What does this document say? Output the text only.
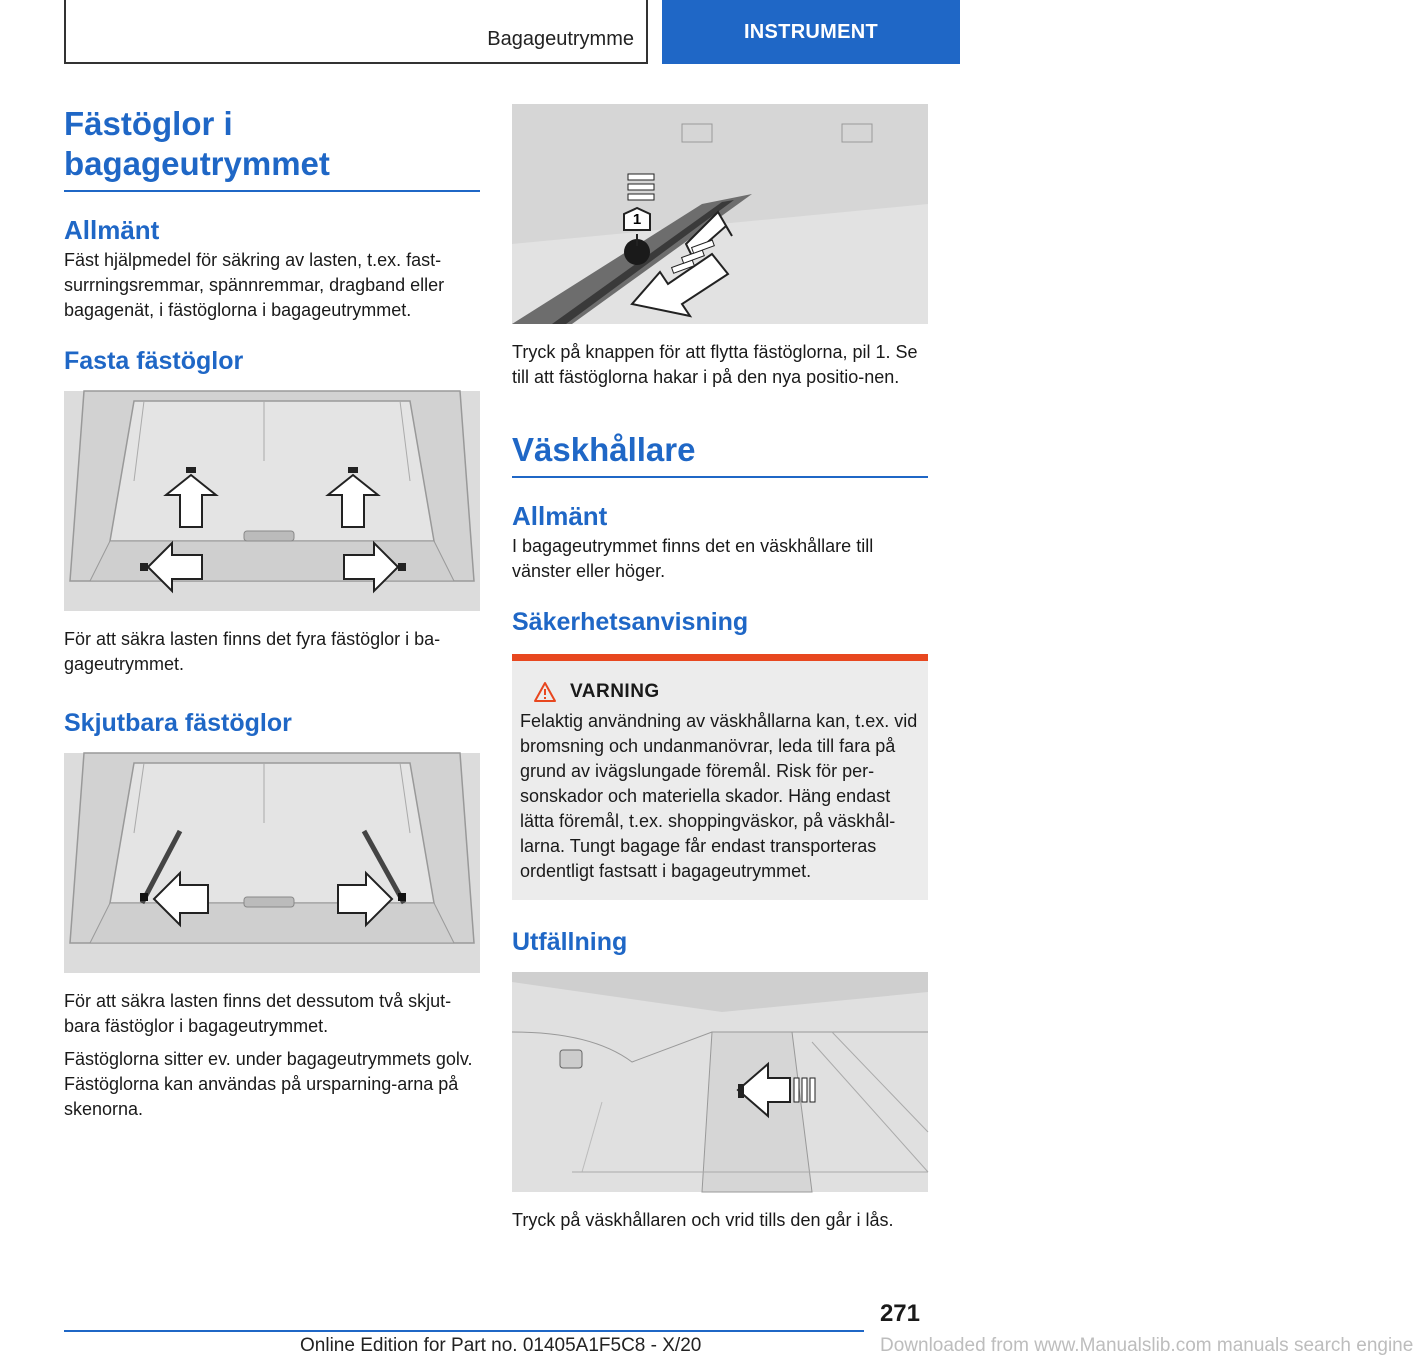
Bagageutrymme	INSTRUMENT
Fästöglor i bagageutrymmet
Allmänt

Fäst hjälpmedel för säkring av lasten, t.ex. fast-surrningsremmar, spännremmar, dragband eller bagagenät, i fästöglorna i bagageutrymmet.

Fasta fästöglor

För att säkra lasten finns det fyra fästöglor i ba-gageutrymmet.

Skjutbara fästöglor

För att säkra lasten finns det dessutom två skjut-bara fästöglor i bagageutrymmet.

Fästöglorna sitter ev. under bagageutrymmets golv. Fästöglorna kan användas på ursparning-arna på skenorna.

1

Tryck på knappen för att flytta fästöglorna, pil 1. Se till att fästöglorna hakar i på den nya positio-nen.

Väskhållare
Allmänt

I bagageutrymmet finns det en väskhållare till vänster eller höger.

Säkerhetsanvisning
VARNING

Felaktig användning av väskhållarna kan, t.ex. vid bromsning och undanmanövrar, leda till fara på grund av ivägslungade föremål. Risk för per-sonskador och materiella skador. Häng endast lätta föremål, t.ex. shoppingväskor, på väskhål-larna. Tungt bagage får endast transporteras ordentligt fastsatt i bagageutrymmet.

Utfällning

Tryck på väskhållaren och vrid tills den går i lås.

271
Online Edition for Part no. 01405A1F5C8 - X/20	Downloaded from www.Manualslib.com manuals search engine
